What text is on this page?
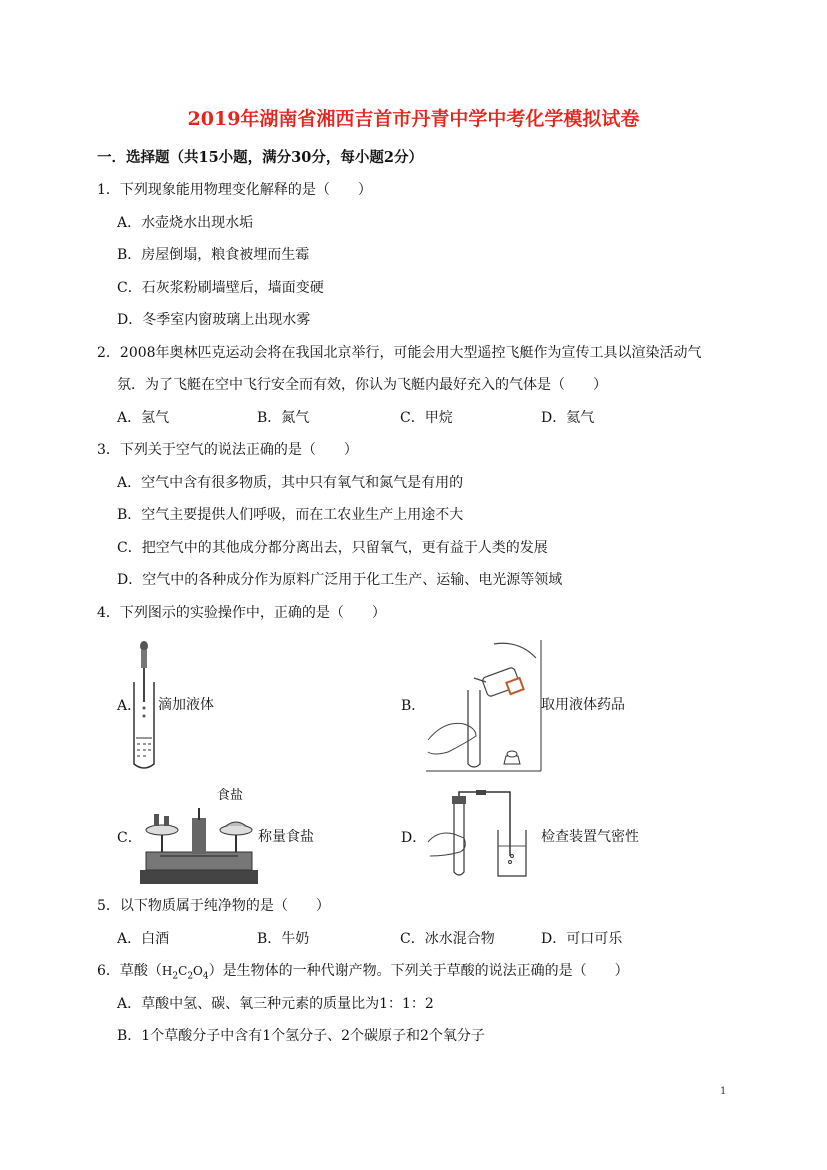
2019年湖南省湘西吉首市丹青中学中考化学模拟试卷
一．选择题（共15小题，满分30分，每小题2分）
1．下列现象能用物理变化解释的是（　　）
A．水壶烧水出现水垢
B．房屋倒塌，粮食被埋而生霉
C．石灰浆粉刷墙壁后，墙面变硬
D．冬季室内窗玻璃上出现水雾
2．2008年奥林匹克运动会将在我国北京举行，可能会用大型遥控飞艇作为宣传工具以渲染活动气
氛．为了飞艇在空中飞行安全而有效，你认为飞艇内最好充入的气体是（　　）
A．氢气	B．氮气	C．甲烷	D．氦气
3．下列关于空气的说法正确的是（　　）
A．空气中含有很多物质，其中只有氧气和氮气是有用的
B．空气主要提供人们呼吸，而在工农业生产上用途不大
C．把空气中的其他成分都分离出去，只留氧气，更有益于人类的发展
D．空气中的各种成分作为原料广泛用于化工生产、运输、电光源等领域
4．下列图示的实验操作中，正确的是（　　）
A． 滴加液体	B．	取用液体药品
C．
食盐
称量食盐	D．	检查装置气密性
5．以下物质属于纯净物的是（　　）
A．白酒	B．牛奶	C．冰水混合物	D．可口可乐
6．草酸$(H_2C_2O_4)$是生物体的一种代谢产物。下列关于草酸的说法正确的是（　　）
A．草酸中氢、碳、氧三种元素的质量比为1：1：2
B．1个草酸分子中含有1个氢分子、2个碳原子和2个氧分子
1
